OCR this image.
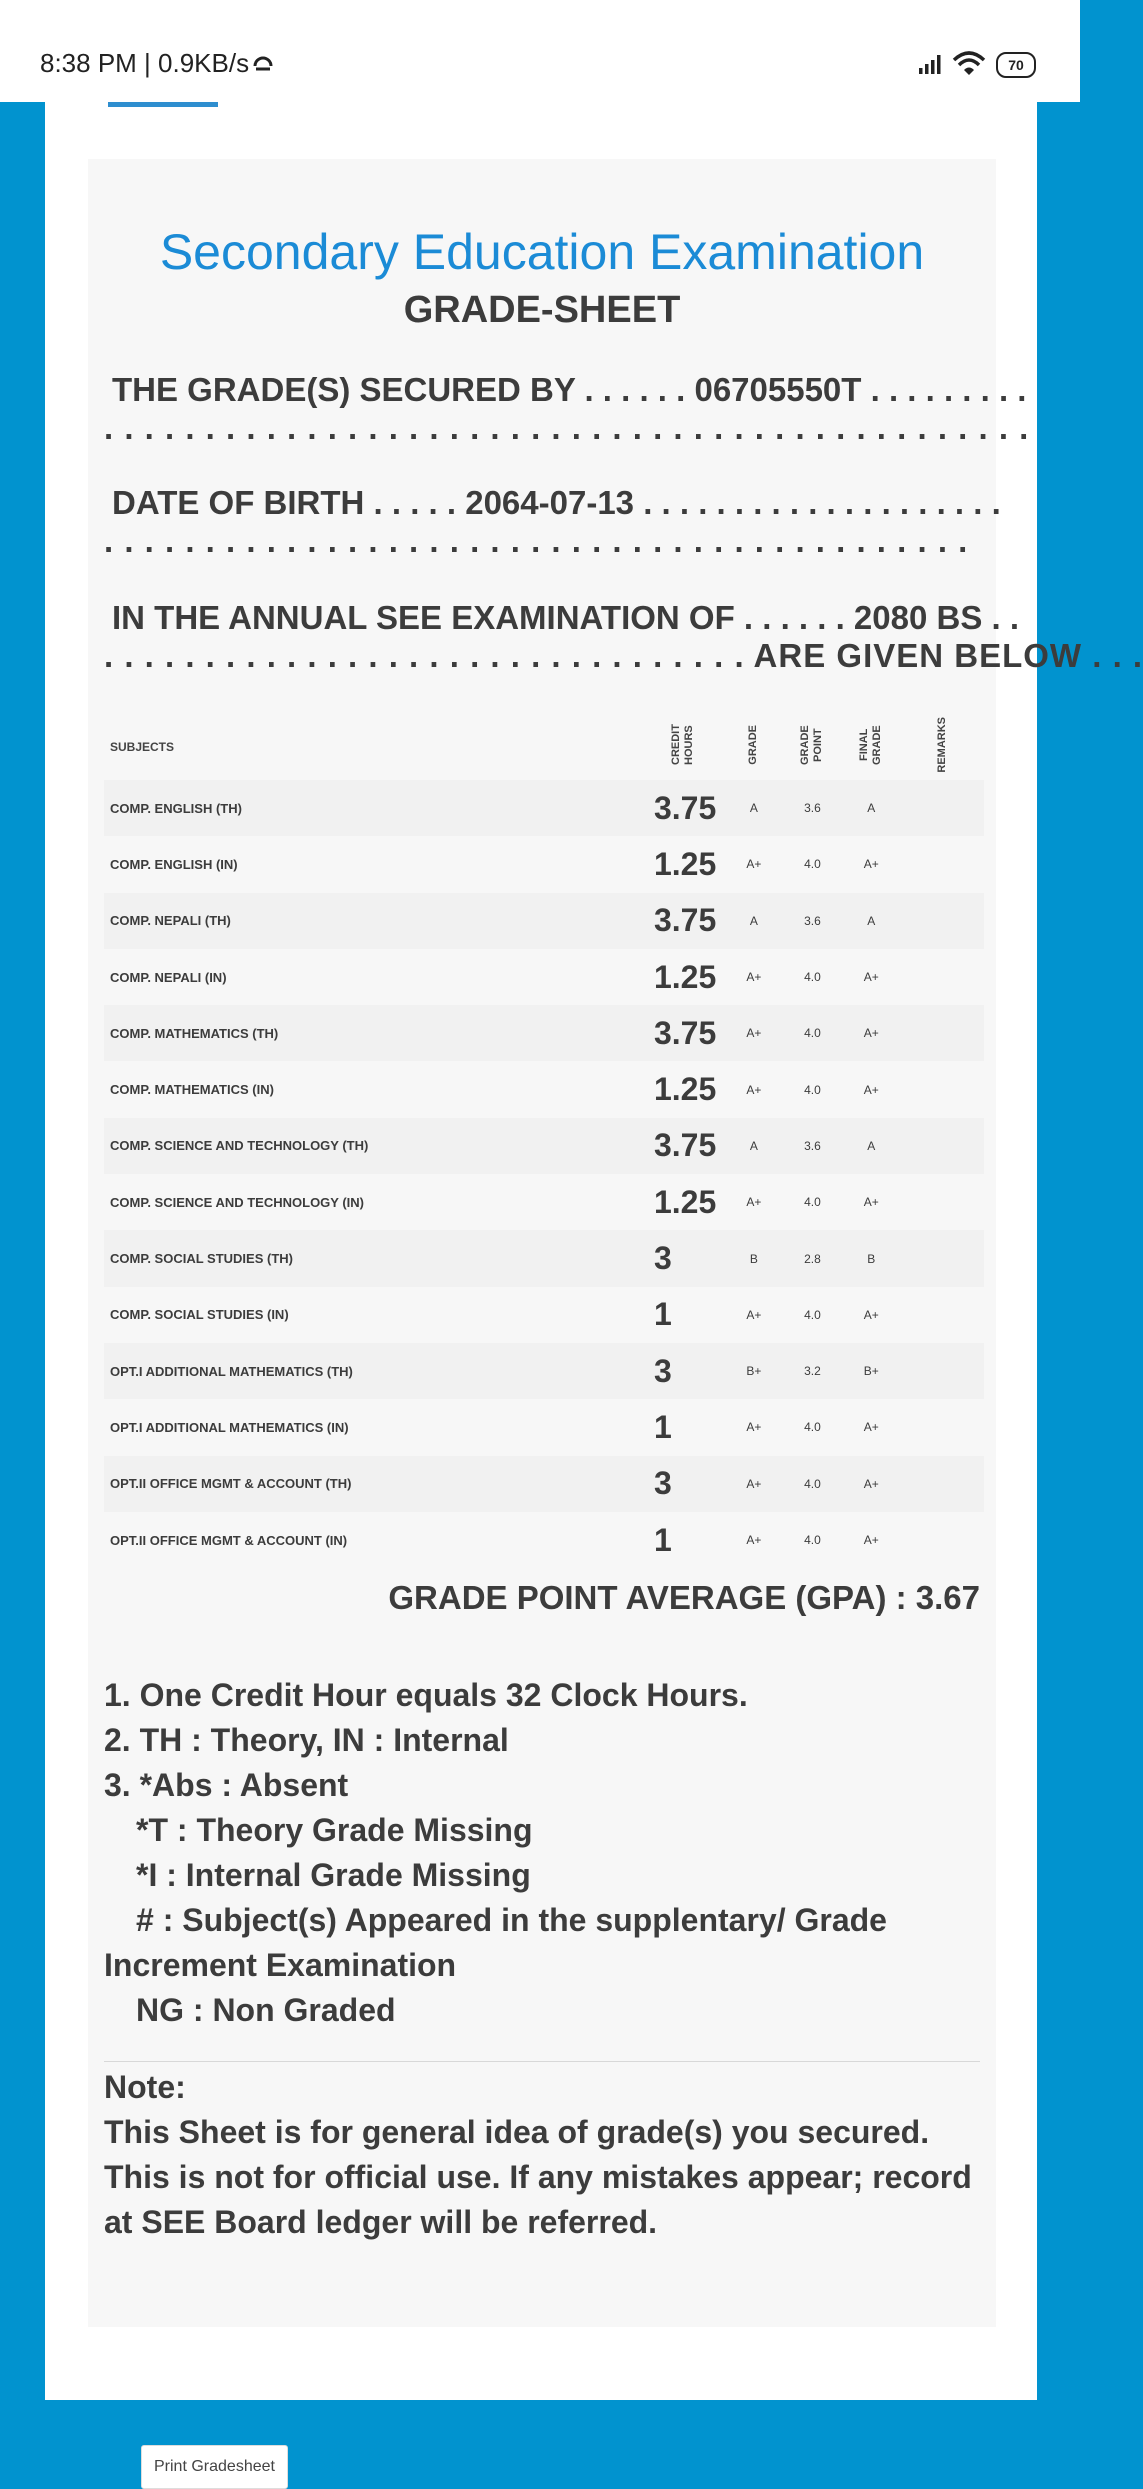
8:38 PM | 0.9KB/s	70
Secondary Education Examination
GRADE-SHEET
THE GRADE(S) SECURED BY . . . . . . 06705550T . . . . . . . . .
. . . . . . . . . . . . . . . . . . . . . . . . . . . . . . . . . . . . . . . . . . . . . .
DATE OF BIRTH . . . . . 2064-07-13 . . . . . . . . . . . . . . . . . . . .
. . . . . . . . . . . . . . . . . . . . . . . . . . . . . . . . . . . . . . . . . . .
IN THE ANNUAL SEE EXAMINATION OF . . . . . . 2080 BS . .
. . . . . . . . . . . . . . . . . . . . . . . . . . . . . . . . ARE GIVEN BELOW . . .
SUBJECTS	CREDIT HOURS	GRADE	GRADE POINT	FINAL GRADE	REMARKS
COMP. ENGLISH (TH)	3.75	A	3.6	A	
COMP. ENGLISH (IN)	1.25	A+	4.0	A+	
COMP. NEPALI (TH)	3.75	A	3.6	A	
COMP. NEPALI (IN)	1.25	A+	4.0	A+	
COMP. MATHEMATICS (TH)	3.75	A+	4.0	A+	
COMP. MATHEMATICS (IN)	1.25	A+	4.0	A+	
COMP. SCIENCE AND TECHNOLOGY (TH)	3.75	A	3.6	A	
COMP. SCIENCE AND TECHNOLOGY (IN)	1.25	A+	4.0	A+	
COMP. SOCIAL STUDIES (TH)	3	B	2.8	B	
COMP. SOCIAL STUDIES (IN)	1	A+	4.0	A+	
OPT.I ADDITIONAL MATHEMATICS (TH)	3	B+	3.2	B+	
OPT.I ADDITIONAL MATHEMATICS (IN)	1	A+	4.0	A+	
OPT.II OFFICE MGMT & ACCOUNT (TH)	3	A+	4.0	A+	
OPT.II OFFICE MGMT & ACCOUNT (IN)	1	A+	4.0	A+	
GRADE POINT AVERAGE (GPA) : 3.67
1. One Credit Hour equals 32 Clock Hours.
2. TH : Theory, IN : Internal
3. *Abs : Absent
*T : Theory Grade Missing
*I : Internal Grade Missing
# : Subject(s) Appeared in the supplentary/ Grade
Increment Examination
NG : Non Graded
Note:
This Sheet is for general idea of grade(s) you secured. This is not for official use. If any mistakes appear; record at SEE Board ledger will be referred.
Print Gradesheet
